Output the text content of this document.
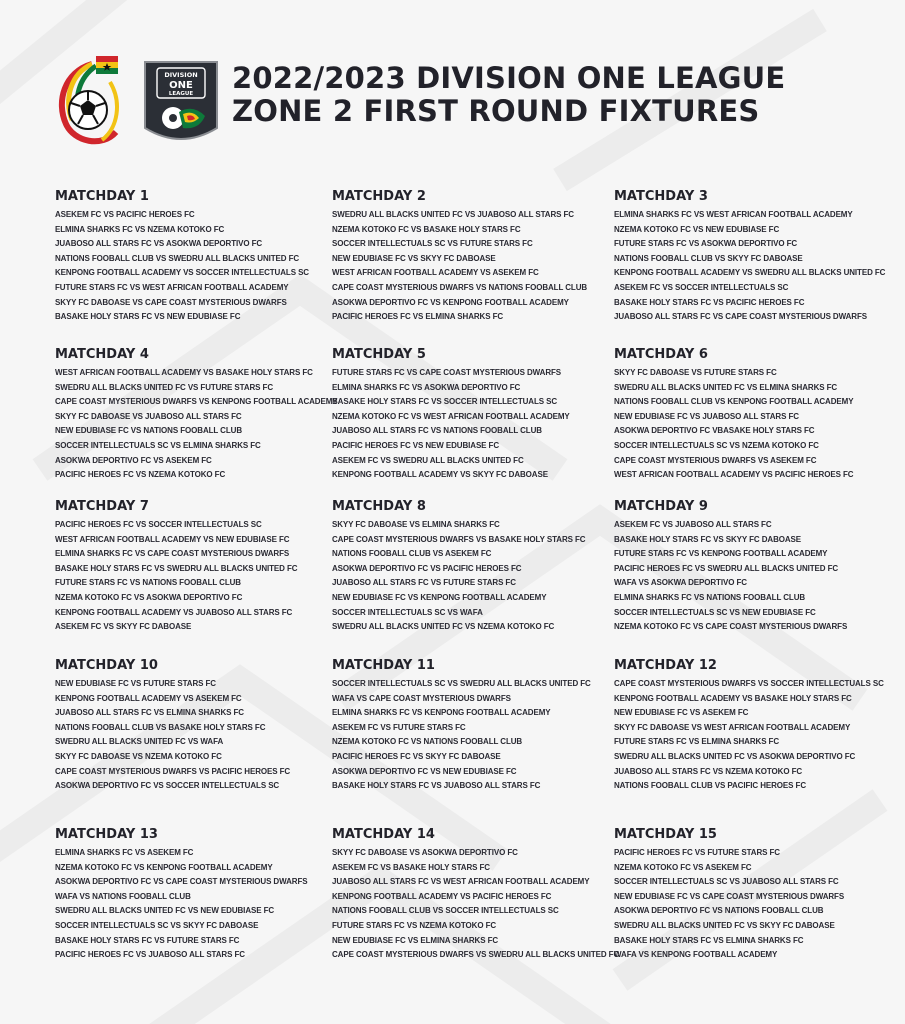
DIVISION
ONE
LEAGUE 2022/2023 DIVISION ONE LEAGUE
ZONE 2 FIRST ROUND FIXTURES
MATCHDAY 1
ASEKEM FC VS PACIFIC HEROES FC
ELMINA SHARKS FC VS NZEMA KOTOKO FC
JUABOSO ALL STARS FC VS ASOKWA DEPORTIVO FC
NATIONS FOOBALL CLUB VS SWEDRU ALL BLACKS UNITED FC
KENPONG FOOTBALL ACADEMY VS SOCCER INTELLECTUALS SC
FUTURE STARS FC VS WEST AFRICAN FOOTBALL ACADEMY
SKYY FC DABOASE VS CAPE COAST MYSTERIOUS DWARFS
BASAKE HOLY STARS FC VS NEW EDUBIASE FC
MATCHDAY 2
SWEDRU ALL BLACKS UNITED FC VS JUABOSO ALL STARS FC
NZEMA KOTOKO FC VS BASAKE HOLY STARS FC
SOCCER INTELLECTUALS SC VS FUTURE STARS FC
NEW EDUBIASE FC VS SKYY FC DABOASE
WEST AFRICAN FOOTBALL ACADEMY VS ASEKEM FC
CAPE COAST MYSTERIOUS DWARFS VS NATIONS FOOBALL CLUB
ASOKWA DEPORTIVO FC VS KENPONG FOOTBALL ACADEMY
PACIFIC HEROES FC VS ELMINA SHARKS FC
MATCHDAY 3
ELMINA SHARKS FC VS WEST AFRICAN FOOTBALL ACADEMY
NZEMA KOTOKO FC VS NEW EDUBIASE FC
FUTURE STARS FC VS ASOKWA DEPORTIVO FC
NATIONS FOOBALL CLUB VS SKYY FC DABOASE
KENPONG FOOTBALL ACADEMY VS SWEDRU ALL BLACKS UNITED FC
ASEKEM FC VS SOCCER INTELLECTUALS SC
BASAKE HOLY STARS FC VS PACIFIC HEROES FC
JUABOSO ALL STARS FC VS CAPE COAST MYSTERIOUS DWARFS
MATCHDAY 4
WEST AFRICAN FOOTBALL ACADEMY VS BASAKE HOLY STARS FC
SWEDRU ALL BLACKS UNITED FC VS FUTURE STARS FC
CAPE COAST MYSTERIOUS DWARFS VS KENPONG FOOTBALL ACADEMY
SKYY FC DABOASE VS JUABOSO ALL STARS FC
NEW EDUBIASE FC VS NATIONS FOOBALL CLUB
SOCCER INTELLECTUALS SC VS ELMINA SHARKS FC
ASOKWA DEPORTIVO FC VS ASEKEM FC
PACIFIC HEROES FC VS NZEMA KOTOKO FC
MATCHDAY 5
FUTURE STARS FC VS CAPE COAST MYSTERIOUS DWARFS
ELMINA SHARKS FC VS ASOKWA DEPORTIVO FC
BASAKE HOLY STARS FC VS SOCCER INTELLECTUALS SC
NZEMA KOTOKO FC VS WEST AFRICAN FOOTBALL ACADEMY
JUABOSO ALL STARS FC VS NATIONS FOOBALL CLUB
PACIFIC HEROES FC VS NEW EDUBIASE FC
ASEKEM FC VS SWEDRU ALL BLACKS UNITED FC
KENPONG FOOTBALL ACADEMY VS SKYY FC DABOASE
MATCHDAY 6
SKYY FC DABOASE VS FUTURE STARS FC
SWEDRU ALL BLACKS UNITED FC VS ELMINA SHARKS FC
NATIONS FOOBALL CLUB VS KENPONG FOOTBALL ACADEMY
NEW EDUBIASE FC VS JUABOSO ALL STARS FC
ASOKWA DEPORTIVO FC VBASAKE HOLY STARS FC
SOCCER INTELLECTUALS SC VS NZEMA KOTOKO FC
CAPE COAST MYSTERIOUS DWARFS VS ASEKEM FC
WEST AFRICAN FOOTBALL ACADEMY VS PACIFIC HEROES FC
MATCHDAY 7
PACIFIC HEROES FC VS SOCCER INTELLECTUALS SC
WEST AFRICAN FOOTBALL ACADEMY VS NEW EDUBIASE FC
ELMINA SHARKS FC VS CAPE COAST MYSTERIOUS DWARFS
BASAKE HOLY STARS FC VS SWEDRU ALL BLACKS UNITED FC
FUTURE STARS FC VS NATIONS FOOBALL CLUB
NZEMA KOTOKO FC VS ASOKWA DEPORTIVO FC
KENPONG FOOTBALL ACADEMY VS JUABOSO ALL STARS FC
ASEKEM FC VS SKYY FC DABOASE
MATCHDAY 8
SKYY FC DABOASE VS ELMINA SHARKS FC
CAPE COAST MYSTERIOUS DWARFS VS BASAKE HOLY STARS FC
NATIONS FOOBALL CLUB VS ASEKEM FC
ASOKWA DEPORTIVO FC VS PACIFIC HEROES FC
JUABOSO ALL STARS FC VS FUTURE STARS FC
NEW EDUBIASE FC VS KENPONG FOOTBALL ACADEMY
SOCCER INTELLECTUALS SC VS WAFA
SWEDRU ALL BLACKS UNITED FC VS NZEMA KOTOKO FC
MATCHDAY 9
ASEKEM FC VS JUABOSO ALL STARS FC
BASAKE HOLY STARS FC VS SKYY FC DABOASE
FUTURE STARS FC VS KENPONG FOOTBALL ACADEMY
PACIFIC HEROES FC VS SWEDRU ALL BLACKS UNITED FC
WAFA VS ASOKWA DEPORTIVO FC
ELMINA SHARKS FC VS NATIONS FOOBALL CLUB
SOCCER INTELLECTUALS SC VS NEW EDUBIASE FC
NZEMA KOTOKO FC VS CAPE COAST MYSTERIOUS DWARFS
MATCHDAY 10
NEW EDUBIASE FC VS FUTURE STARS FC
KENPONG FOOTBALL ACADEMY VS ASEKEM FC
JUABOSO ALL STARS FC VS ELMINA SHARKS FC
NATIONS FOOBALL CLUB VS BASAKE HOLY STARS FC
SWEDRU ALL BLACKS UNITED FC VS WAFA
SKYY FC DABOASE VS NZEMA KOTOKO FC
CAPE COAST MYSTERIOUS DWARFS VS PACIFIC HEROES FC
ASOKWA DEPORTIVO FC VS SOCCER INTELLECTUALS SC
MATCHDAY 11
SOCCER INTELLECTUALS SC VS SWEDRU ALL BLACKS UNITED FC
WAFA VS CAPE COAST MYSTERIOUS DWARFS
ELMINA SHARKS FC VS KENPONG FOOTBALL ACADEMY
ASEKEM FC VS FUTURE STARS FC
NZEMA KOTOKO FC VS NATIONS FOOBALL CLUB
PACIFIC HEROES FC VS SKYY FC DABOASE
ASOKWA DEPORTIVO FC VS NEW EDUBIASE FC
BASAKE HOLY STARS FC VS JUABOSO ALL STARS FC
MATCHDAY 12
CAPE COAST MYSTERIOUS DWARFS VS SOCCER INTELLECTUALS SC
KENPONG FOOTBALL ACADEMY VS BASAKE HOLY STARS FC
NEW EDUBIASE FC VS ASEKEM FC
SKYY FC DABOASE VS WEST AFRICAN FOOTBALL ACADEMY
FUTURE STARS FC VS ELMINA SHARKS FC
SWEDRU ALL BLACKS UNITED FC VS ASOKWA DEPORTIVO FC
JUABOSO ALL STARS FC VS NZEMA KOTOKO FC
NATIONS FOOBALL CLUB VS PACIFIC HEROES FC
MATCHDAY 13
ELMINA SHARKS FC VS ASEKEM FC
NZEMA KOTOKO FC VS KENPONG FOOTBALL ACADEMY
ASOKWA DEPORTIVO FC VS CAPE COAST MYSTERIOUS DWARFS
WAFA VS NATIONS FOOBALL CLUB
SWEDRU ALL BLACKS UNITED FC VS NEW EDUBIASE FC
SOCCER INTELLECTUALS SC VS SKYY FC DABOASE
BASAKE HOLY STARS FC VS FUTURE STARS FC
PACIFIC HEROES FC VS JUABOSO ALL STARS FC
MATCHDAY 14
SKYY FC DABOASE VS ASOKWA DEPORTIVO FC
ASEKEM FC VS BASAKE HOLY STARS FC
JUABOSO ALL STARS FC VS WEST AFRICAN FOOTBALL ACADEMY
KENPONG FOOTBALL ACADEMY VS PACIFIC HEROES FC
NATIONS FOOBALL CLUB VS SOCCER INTELLECTUALS SC
FUTURE STARS FC VS NZEMA KOTOKO FC
NEW EDUBIASE FC VS ELMINA SHARKS FC
CAPE COAST MYSTERIOUS DWARFS VS SWEDRU ALL BLACKS UNITED FC
MATCHDAY 15
PACIFIC HEROES FC VS FUTURE STARS FC
NZEMA KOTOKO FC VS ASEKEM FC
SOCCER INTELLECTUALS SC VS JUABOSO ALL STARS FC
NEW EDUBIASE FC VS CAPE COAST MYSTERIOUS DWARFS
ASOKWA DEPORTIVO FC VS NATIONS FOOBALL CLUB
SWEDRU ALL BLACKS UNITED FC VS SKYY FC DABOASE
BASAKE HOLY STARS FC VS ELMINA SHARKS FC
WAFA VS KENPONG FOOTBALL ACADEMY
